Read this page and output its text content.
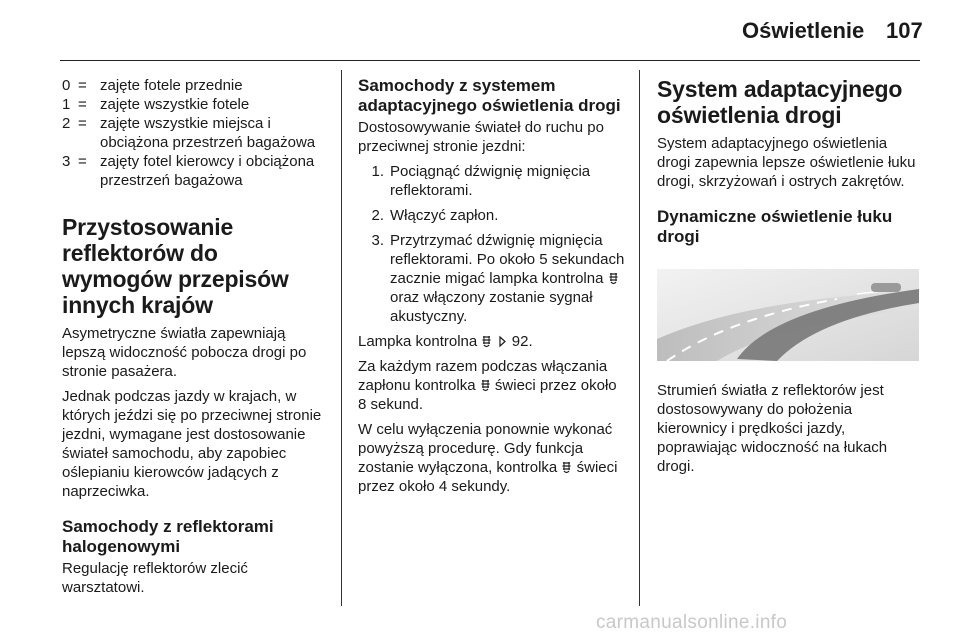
Oświetlenie 107
0 = zajęte fotele przednie
1 = zajęte wszystkie fotele
2 = zajęte wszystkie miejsca i obciążona przestrzeń bagażowa
3 = zajęty fotel kierowcy i obciążona przestrzeń bagażowa
Przystosowanie reflektorów do wymogów przepisów innych krajów

Asymetryczne światła zapewniają lepszą widoczność pobocza drogi po stronie pasażera.

Jednak podczas jazdy w krajach, w których jeździ się po przeciwnej stronie jezdni, wymagane jest dostosowanie świateł samochodu, aby zapobiec oślepianiu kierowców jadących z naprzeciwka.

Samochody z reflektorami halogenowymi

Regulację reflektorów zlecić warsztatowi.

Samochody z systemem adaptacyjnego oświetlenia drogi

Dostosowywanie świateł do ruchu po przeciwnej stronie jezdni:

1. Pociągnąć dźwignię mignięcia reflektorami.
2. Włączyć zapłon.
3. Przytrzymać dźwignię mignięcia reflektorami. Po około 5 sekundach zacznie migać lampka kontrolna  oraz włączony zostanie sygnał akustyczny.

Lampka kontrolna 92.

Za każdym razem podczas włączania zapłonu kontrolka świeci przez około 8 sekund.

W celu wyłączenia ponownie wykonać powyższą procedurę. Gdy funkcja zostanie wyłączona, kontrolka świeci przez około 4 sekundy.

System adaptacyjnego oświetlenia drogi

System adaptacyjnego oświetlenia drogi zapewnia lepsze oświetlenie łuku drogi, skrzyżowań i ostrych zakrętów.

Dynamiczne oświetlenie łuku drogi

Strumień światła z reflektorów jest dostosowywany do położenia kierownicy i prędkości jazdy, poprawiając widoczność na łukach drogi.

carmanualsonline.info
